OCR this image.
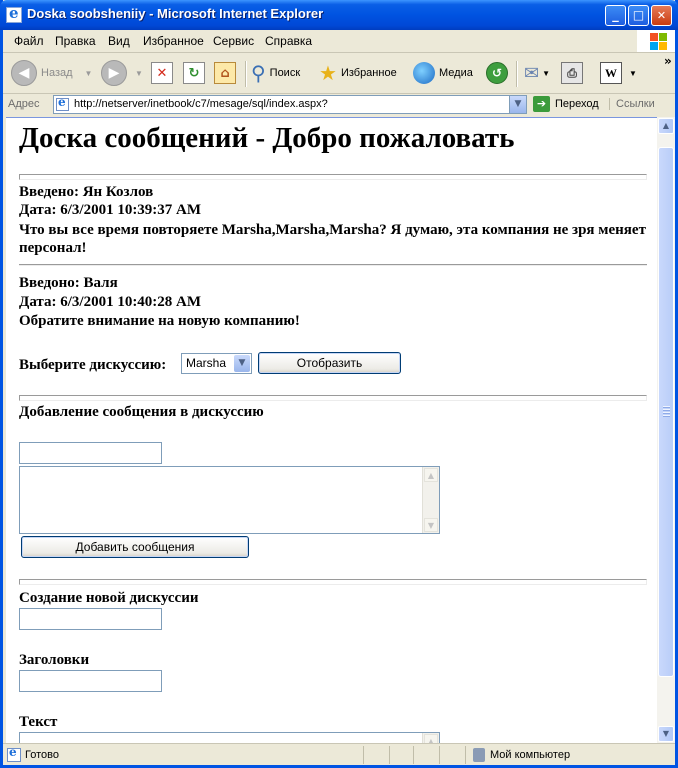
e
Doska soobsheniiy - Microsoft Internet Explorer	_	□	✕
Файл Правка Вид Избранное Сервис Справка
◀	Назад ▼	▶	▼	✕	↻	⌂	⚲ Поиск ★ Избранное	Медиа	↺	✉ ▼	⎙	W	▼
»
Адрес
e	http://netserver/inetbook/c7/mesage/sql/index.aspx?	▼	➔ Переход	Ссылки
Доска сообщений - Добро пожаловать
Введено: Ян Козлов
Дата: 6/3/2001 10:39:37 AM
Что вы все время повторяете Marsha,Marsha,Marsha? Я думаю, эта компания не зря меняет персонал!
Введоно: Валя
Дата: 6/3/2001 10:40:28 AM
Обратите внимание на новую компанию!
Выберите дискуссию: Marsha	▼	Отобразить
Добавление сообщения в дискуссию
▲
▼
Добавить сообщения
Создание новой дискуссии
Заголовки
Текст
▲
▲
▼
e
Готово	Мой компьютер
